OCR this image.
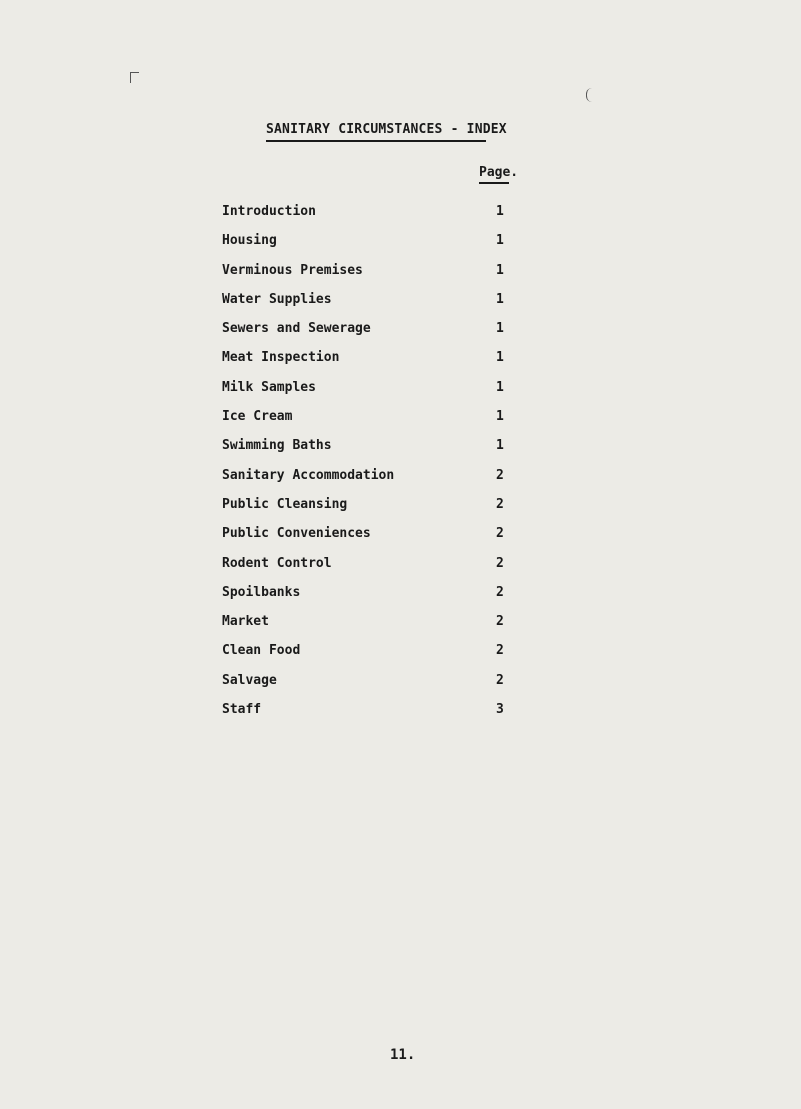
SANITARY CIRCUMSTANCES - INDEX
Page.
Introduction	1
Housing	1
Verminous Premises	1
Water Supplies	1
Sewers and Sewerage	1
Meat Inspection	1
Milk Samples	1
Ice Cream	1
Swimming Baths	1
Sanitary Accommodation	2
Public Cleansing	2
Public Conveniences	2
Rodent Control	2
Spoilbanks	2
Market	2
Clean Food	2
Salvage	2
Staff	3
11.
